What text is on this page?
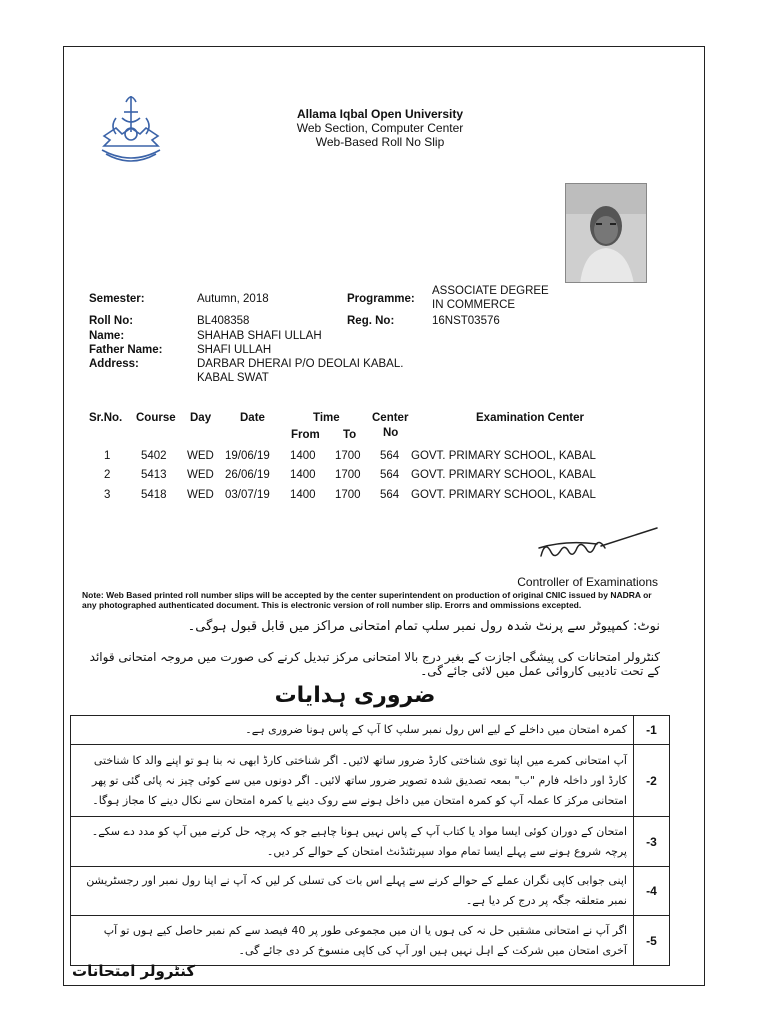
Allama Iqbal Open University
Web Section, Computer Center
Web-Based Roll No Slip
Semester:	Autumn, 2018	Programme:
ASSOCIATE DEGREE IN COMMERCE
Roll No:	BL408358	Reg. No:	16NST03576
Name:	SHAHAB SHAFI ULLAH
Father Name:	SHAFI ULLAH
Address:	DARBAR DHERAI P/O DEOLAI KABAL.
KABAL SWAT
Sr.No. Course Day	Date	Time
From To
Center
No
Examination Center
1	5402 WED 19/06/19 1400 1700 564 GOVT. PRIMARY SCHOOL, KABAL
2	5413 WED 26/06/19 1400 1700 564 GOVT. PRIMARY SCHOOL, KABAL
3	5418 WED 03/07/19 1400 1700 564 GOVT. PRIMARY SCHOOL, KABAL
Controller of Examinations
Note: Web Based printed roll number slips will be accepted by the center superintendent on production of original CNIC issued by NADRA or any photographed authenticated document. This is electronic version of roll number slip. Erorrs and ommissions excepted.
نوٹ: کمپیوٹر سے پرنٹ شدہ رول نمبر سلپ تمام امتحانی مراکز میں قابل قبول ہوگی۔
کنٹرولر امتحانات کی پیشگی اجازت کے بغیر درج بالا امتحانی مرکز تبدیل کرنے کی صورت میں مروجہ امتحانی قوائد کے تحت تادیبی کاروائی عمل میں لائی جائے گی۔
ضروری ہدایات
کمرہ امتحان میں داخلے کے لیے اس رول نمبر سلپ کا آپ کے پاس ہونا ضروری ہے۔	-1
آپ امتحانی کمرے میں اپنا توی شناختی کارڈ ضرور ساتھ لائیں۔ اگر شناختی کارڈ ابھی نہ بنا ہو تو اپنے والد کا شناختی کارڈ اور داخلہ فارم "ب" بمعہ تصدیق شدہ تصویر ضرور ساتھ لائیں۔ اگر دونوں میں سے کوئی چیز نہ پائی گئی تو پھر امتحانی مرکز کا عملہ آپ کو کمرہ امتحان میں داخل ہونے سے روک دینے یا کمرہ امتحان سے نکال دینے کا مجاز ہوگا۔	-2
امتحان کے دوران کوئی ایسا مواد یا کتاب آپ کے پاس نہیں ہونا چاہیے جو کہ پرچہ حل کرنے میں آپ کو مدد دے سکے۔ پرچہ شروع ہونے سے پہلے ایسا تمام مواد سپرنٹنڈنٹ امتحان کے حوالے کر دیں۔	-3
اپنی جوابی کاپی نگران عملے کے حوالے کرنے سے پہلے اس بات کی تسلی کر لیں کہ آپ نے اپنا رول نمبر اور رجسٹریشن نمبر متعلقہ جگہ پر درج کر دیا ہے۔	-4
اگر آپ نے امتحانی مشقیں حل نہ کی ہوں یا ان میں مجموعی طور پر 40 فیصد سے کم نمبر حاصل کیے ہوں تو آپ آخری امتحان میں شرکت کے اہل نہیں ہیں اور آپ کی کاپی منسوخ کر دی جائے گی۔	-5
کنٹرولر امتحانات
